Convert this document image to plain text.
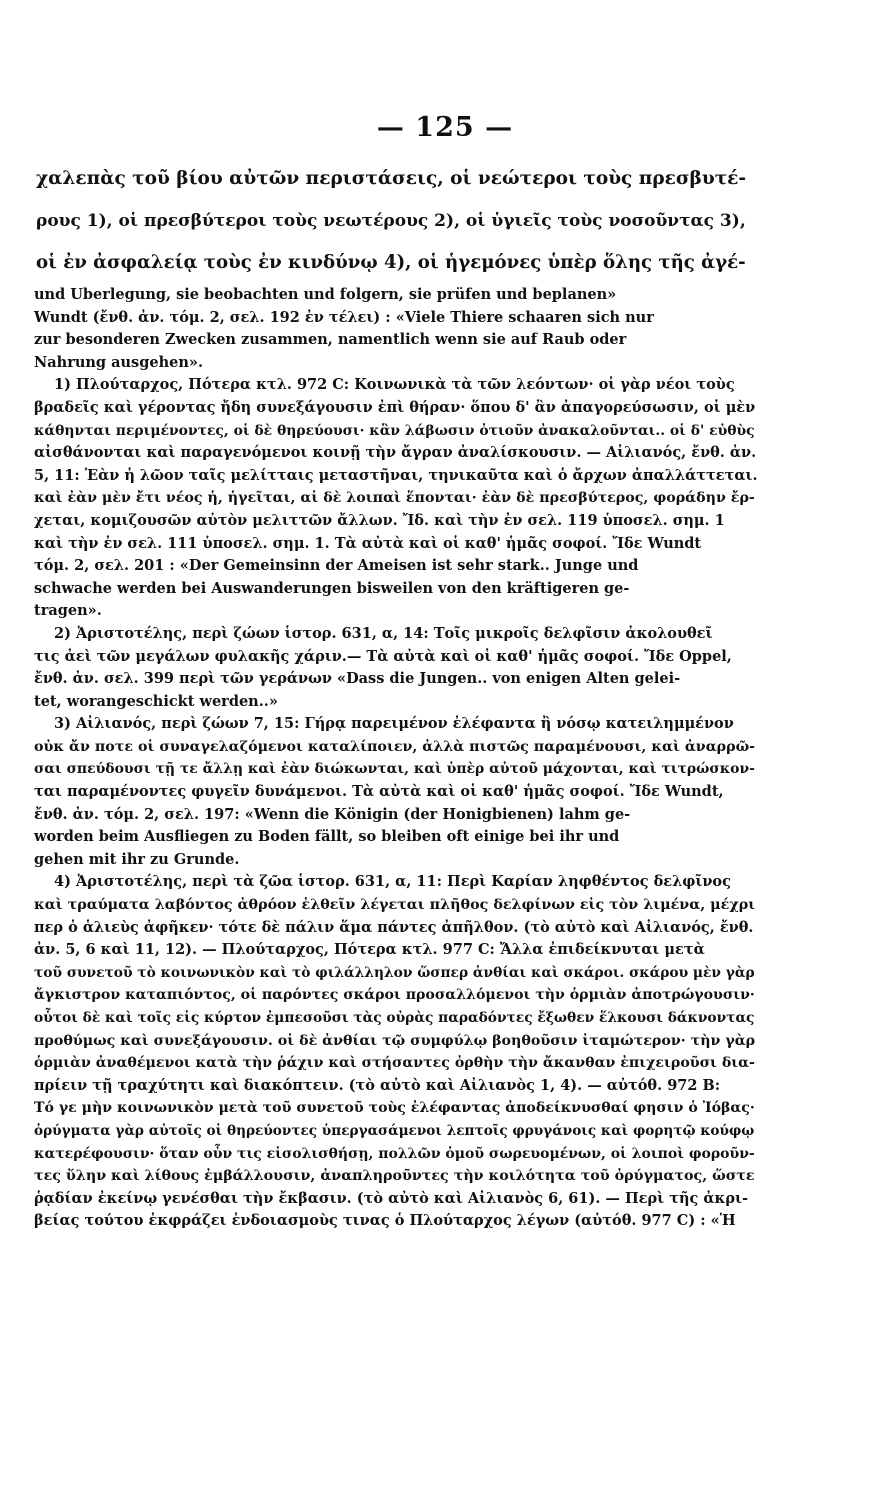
— 125 —
χαλεπὰς τοῦ βίου αὐτῶν περιστάσεις, οἱ νεώτεροι τοὺς πρεσβυτέ-
ρους 1), οἱ πρεσβύτεροι τοὺς νεωτέρους 2), οἱ ὑγιεῖς τοὺς νοσοῦντας 3),
οἱ ἐν ἀσφαλείᾳ τοὺς ἐν κινδύνῳ 4), οἱ ἡγεμόνες ὑπὲρ ὅλης τῆς ἀγέ-
und Uberlegung, sie beobachten und folgern, sie prüfen und beplanen»
Wundt (ἔνθ. ἀν. τόμ. 2, σελ. 192 ἐν τέλει) : «Viele Thiere schaaren sich nur
zur besonderen Zwecken zusammen, namentlich wenn sie auf Raub oder
Nahrung ausgehen».
1) Πλούταρχος, Πότερα κτλ. 972 C: Κοινωνικὰ τὰ τῶν λεόντων· οἱ γὰρ νέοι τοὺς
βραδεῖς καὶ γέροντας ἤδη συνεξάγουσιν ἐπὶ θήραν· ὅπου δ' ἂν ἀπαγορεύσωσιν, οἱ μὲν
κάθηνται περιμένοντες, οἱ δὲ θηρεύουσι· κἂν λάβωσιν ὁτιοῦν ἀνακαλοῦνται.. οἱ δ' εὐθὺς
αἰσθάνονται καὶ παραγενόμενοι κοινῇ τὴν ἄγραν ἀναλίσκουσιν. — Αἰλιανός, ἔνθ. ἀν.
5, 11: Ἐὰν ἡ λῶον ταῖς μελίτταις μεταστῆναι, τηνικαῦτα καὶ ὁ ἄρχων ἀπαλλάττεται.
καὶ ἐὰν μὲν ἔτι νέος ἡ, ἡγεῖται, αἱ δὲ λοιπαὶ ἕπονται· ἐὰν δὲ πρεσβύτερος, φοράδην ἔρ-
χεται, κομιζουσῶν αὐτὸν μελιττῶν ἄλλων. Ἴδ. καὶ τὴν ἐν σελ. 119 ὑποσελ. σημ. 1
καὶ τὴν ἐν σελ. 111 ὑποσελ. σημ. 1. Τὰ αὐτὰ καὶ οἱ καθ' ἡμᾶς σοφοί. Ἴδε Wundt
τόμ. 2, σελ. 201 : «Der Gemeinsinn der Ameisen ist sehr stark.. Junge und
schwache werden bei Auswanderungen bisweilen von den kräftigeren ge-
tragen».
2) Ἀριστοτέλης, περὶ ζώων ἱστορ. 631, α, 14: Τοῖς μικροῖς δελφῖσιν ἀκολουθεῖ
τις ἀεὶ τῶν μεγάλων φυλακῆς χάριν.— Τὰ αὐτὰ καὶ οἱ καθ' ἡμᾶς σοφοί. Ἴδε Oppel,
ἔνθ. ἀν. σελ. 399 περὶ τῶν γεράνων «Dass die Jungen.. von enigen Alten gelei-
tet, worangeschickt werden..»
3) Αἰλιανός, περὶ ζώων 7, 15: Γήρᾳ παρειμένον ἐλέφαντα ἢ νόσῳ κατειλημμένον
οὐκ ἄν ποτε οἱ συναγελαζόμενοι καταλίποιεν, ἀλλὰ πιστῶς παραμένουσι, καὶ ἀναρρῶ-
σαι σπεύδουσι τῇ τε ἄλλῃ καὶ ἐὰν διώκωνται, καὶ ὑπὲρ αὐτοῦ μάχονται, καὶ τιτρώσκον-
ται παραμένοντες φυγεῖν δυνάμενοι. Τὰ αὐτὰ καὶ οἱ καθ' ἡμᾶς σοφοί. Ἴδε Wundt,
ἔνθ. ἀν. τόμ. 2, σελ. 197: «Wenn die Königin (der Honigbienen) lahm ge-
worden beim Ausfliegen zu Boden fällt, so bleiben oft einige bei ihr und
gehen mit ihr zu Grunde.
4) Ἀριστοτέλης, περὶ τὰ ζῶα ἱστορ. 631, α, 11: Περὶ Καρίαν ληφθέντος δελφῖνος
καὶ τραύματα λαβόντος ἀθρόον ἐλθεῖν λέγεται πλῆθος δελφίνων εἰς τὸν λιμένα, μέχρι
περ ὁ ἁλιεὺς ἀφῆκεν· τότε δὲ πάλιν ἅμα πάντες ἀπῆλθον. (τὸ αὐτὸ καὶ Αἰλιανός, ἔνθ.
ἀν. 5, 6 καὶ 11, 12). — Πλούταρχος, Πότερα κτλ. 977 C: Ἄλλα ἐπιδείκνυται μετὰ
τοῦ συνετοῦ τὸ κοινωνικὸν καὶ τὸ φιλάλληλον ὥσπερ ἀνθίαι καὶ σκάροι. σκάρου μὲν γὰρ
ἄγκιστρον καταπιόντος, οἱ παρόντες σκάροι προσαλλόμενοι τὴν ὁρμιὰν ἀποτρώγουσιν·
οὗτοι δὲ καὶ τοῖς εἰς κύρτον ἐμπεσοῦσι τὰς οὐρὰς παραδόντες ἔξωθεν ἕλκουσι δάκνοντας
προθύμως καὶ συνεξάγουσιν. οἱ δὲ ἀνθίαι τῷ συμφύλῳ βοηθοῦσιν ἰταμώτερον· τὴν γὰρ
ὁρμιὰν ἀναθέμενοι κατὰ τὴν ῥάχιν καὶ στήσαντες ὀρθὴν τὴν ἄκανθαν ἐπιχειροῦσι δια-
πρίειν τῇ τραχύτητι καὶ διακόπτειν. (τὸ αὐτὸ καὶ Αἰλιανὸς 1, 4). — αὐτόθ. 972 B:
Τό γε μὴν κοινωνικὸν μετὰ τοῦ συνετοῦ τοὺς ἐλέφαντας ἀποδείκνυσθαί φησιν ὁ Ἰόβας·
ὀρύγματα γὰρ αὐτοῖς οἱ θηρεύοντες ὑπεργασάμενοι λεπτοῖς φρυγάνοις καὶ φορητῷ κούφῳ
κατερέφουσιν· ὅταν οὖν τις εἰσολισθήσῃ, πολλῶν ὁμοῦ σωρευομένων, οἱ λοιποὶ φοροῦν-
τες ὕλην καὶ λίθους ἐμβάλλουσιν, ἀναπληροῦντες τὴν κοιλότητα τοῦ ὀρύγματος, ὥστε
ῥᾳδίαν ἐκείνῳ γενέσθαι τὴν ἔκβασιν. (τὸ αὐτὸ καὶ Αἰλιανὸς 6, 61). — Περὶ τῆς ἀκρι-
βείας τούτου ἐκφράζει ἐνδοιασμοὺς τινας ὁ Πλούταρχος λέγων (αὐτόθ. 977 C) : «Ἡ
